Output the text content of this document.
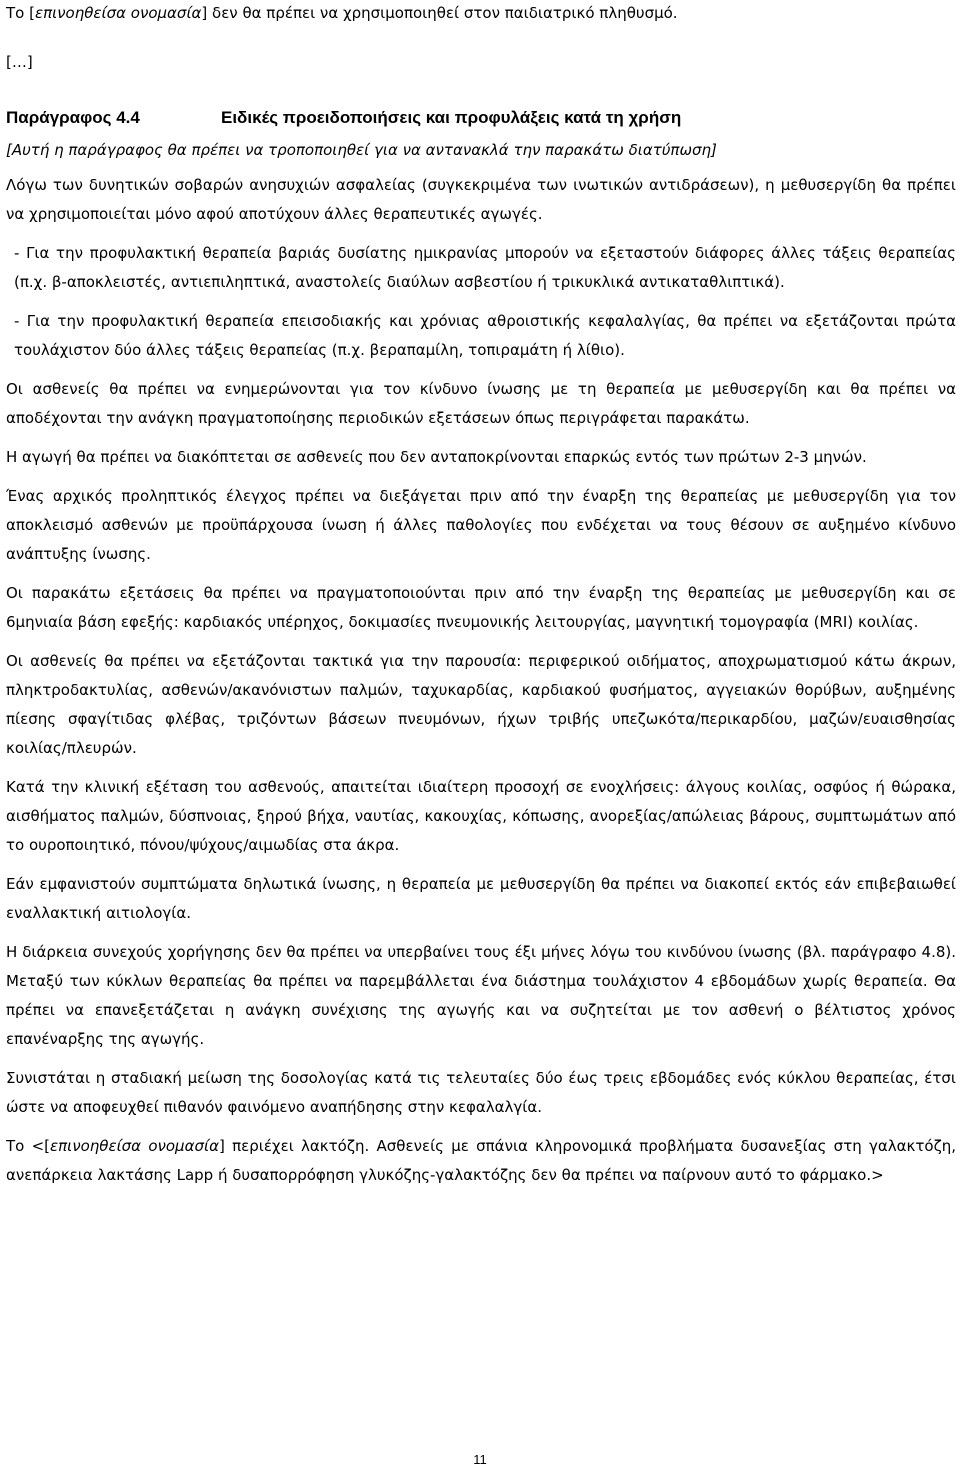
Το [επινοηθείσα ονομασία] δεν θα πρέπει να χρησιμοποιηθεί στον παιδιατρικό πληθυσμό.

[…]

Παράγραφος 4.4	Ειδικές προειδοποιήσεις και προφυλάξεις κατά τη χρήση

[Αυτή η παράγραφος θα πρέπει να τροποποιηθεί για να αντανακλά την παρακάτω διατύπωση]

Λόγω των δυνητικών σοβαρών ανησυχιών ασφαλείας (συγκεκριμένα των ινωτικών αντιδράσεων), η μεθυσεργίδη θα πρέπει να χρησιμοποιείται μόνο αφού αποτύχουν άλλες θεραπευτικές αγωγές.

- Για την προφυλακτική θεραπεία βαριάς δυσίατης ημικρανίας μπορούν να εξεταστούν διάφορες άλλες τάξεις θεραπείας (π.χ. β-αποκλειστές, αντιεπιληπτικά, αναστολείς διαύλων ασβεστίου ή τρικυκλικά αντικαταθλιπτικά).

- Για την προφυλακτική θεραπεία επεισοδιακής και χρόνιας αθροιστικής κεφαλαλγίας, θα πρέπει να εξετάζονται πρώτα τουλάχιστον δύο άλλες τάξεις θεραπείας (π.χ. βεραπαμίλη, τοπιραμάτη ή λίθιο).

Οι ασθενείς θα πρέπει να ενημερώνονται για τον κίνδυνο ίνωσης με τη θεραπεία με μεθυσεργίδη και θα πρέπει να αποδέχονται την ανάγκη πραγματοποίησης περιοδικών εξετάσεων όπως περιγράφεται παρακάτω.

Η αγωγή θα πρέπει να διακόπτεται σε ασθενείς που δεν ανταποκρίνονται επαρκώς εντός των πρώτων 2-3 μηνών.

Ένας αρχικός προληπτικός έλεγχος πρέπει να διεξάγεται πριν από την έναρξη της θεραπείας με μεθυσεργίδη για τον αποκλεισμό ασθενών με προϋπάρχουσα ίνωση ή άλλες παθολογίες που ενδέχεται να τους θέσουν σε αυξημένο κίνδυνο ανάπτυξης ίνωσης.

Οι παρακάτω εξετάσεις θα πρέπει να πραγματοποιούνται πριν από την έναρξη της θεραπείας με μεθυσεργίδη και σε 6μηνιαία βάση εφεξής: καρδιακός υπέρηχος, δοκιμασίες πνευμονικής λειτουργίας, μαγνητική τομογραφία (MRI) κοιλίας.

Οι ασθενείς θα πρέπει να εξετάζονται τακτικά για την παρουσία: περιφερικού οιδήματος, αποχρωματισμού κάτω άκρων, πληκτροδακτυλίας, ασθενών/ακανόνιστων παλμών, ταχυκαρδίας, καρδιακού φυσήματος, αγγειακών θορύβων, αυξημένης πίεσης σφαγίτιδας φλέβας, τριζόντων βάσεων πνευμόνων, ήχων τριβής υπεζωκότα/περικαρδίου, μαζών/ευαισθησίας κοιλίας/πλευρών.

Κατά την κλινική εξέταση του ασθενούς, απαιτείται ιδιαίτερη προσοχή σε ενοχλήσεις: άλγους κοιλίας, οσφύος ή θώρακα, αισθήματος παλμών, δύσπνοιας, ξηρού βήχα, ναυτίας, κακουχίας, κόπωσης, ανορεξίας/απώλειας βάρους, συμπτωμάτων από το ουροποιητικό, πόνου/ψύχους/αιμωδίας στα άκρα.

Εάν εμφανιστούν συμπτώματα δηλωτικά ίνωσης, η θεραπεία με μεθυσεργίδη θα πρέπει να διακοπεί εκτός εάν επιβεβαιωθεί εναλλακτική αιτιολογία.

Η διάρκεια συνεχούς χορήγησης δεν θα πρέπει να υπερβαίνει τους έξι μήνες λόγω του κινδύνου ίνωσης (βλ. παράγραφο 4.8). Μεταξύ των κύκλων θεραπείας θα πρέπει να παρεμβάλλεται ένα διάστημα τουλάχιστον 4 εβδομάδων χωρίς θεραπεία. Θα πρέπει να επανεξετάζεται η ανάγκη συνέχισης της αγωγής και να συζητείται με τον ασθενή ο βέλτιστος χρόνος επανέναρξης της αγωγής.

Συνιστάται η σταδιακή μείωση της δοσολογίας κατά τις τελευταίες δύο έως τρεις εβδομάδες ενός κύκλου θεραπείας, έτσι ώστε να αποφευχθεί πιθανόν φαινόμενο αναπήδησης στην κεφαλαλγία.

Το <[επινοηθείσα ονομασία] περιέχει λακτόζη. Ασθενείς με σπάνια κληρονομικά προβλήματα δυσανεξίας στη γαλακτόζη, ανεπάρκεια λακτάσης Lapp ή δυσαπορρόφηση γλυκόζης-γαλακτόζης δεν θα πρέπει να παίρνουν αυτό το φάρμακο.>

11
